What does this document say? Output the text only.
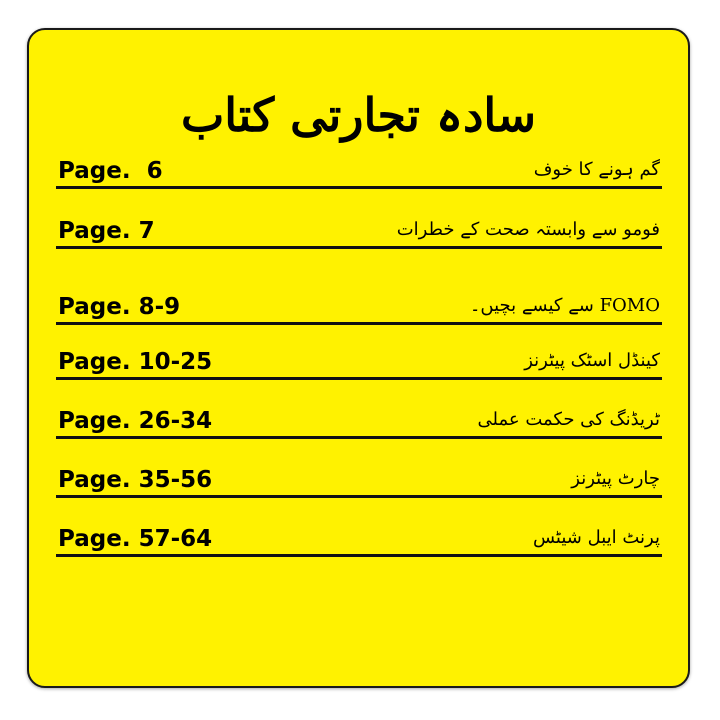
سادہ تجارتی کتاب
Page.  6	گم ہونے کا خوف
Page. 7	فومو سے وابستہ صحت کے خطرات
Page. 8-9	FOMO سے کیسے بچیں۔
Page. 10-25	کینڈل اسٹک پیٹرنز
Page. 26-34	ٹریڈنگ کی حکمت عملی
Page. 35-56	چارٹ پیٹرنز
Page. 57-64	پرنٹ ایبل شیٹس
